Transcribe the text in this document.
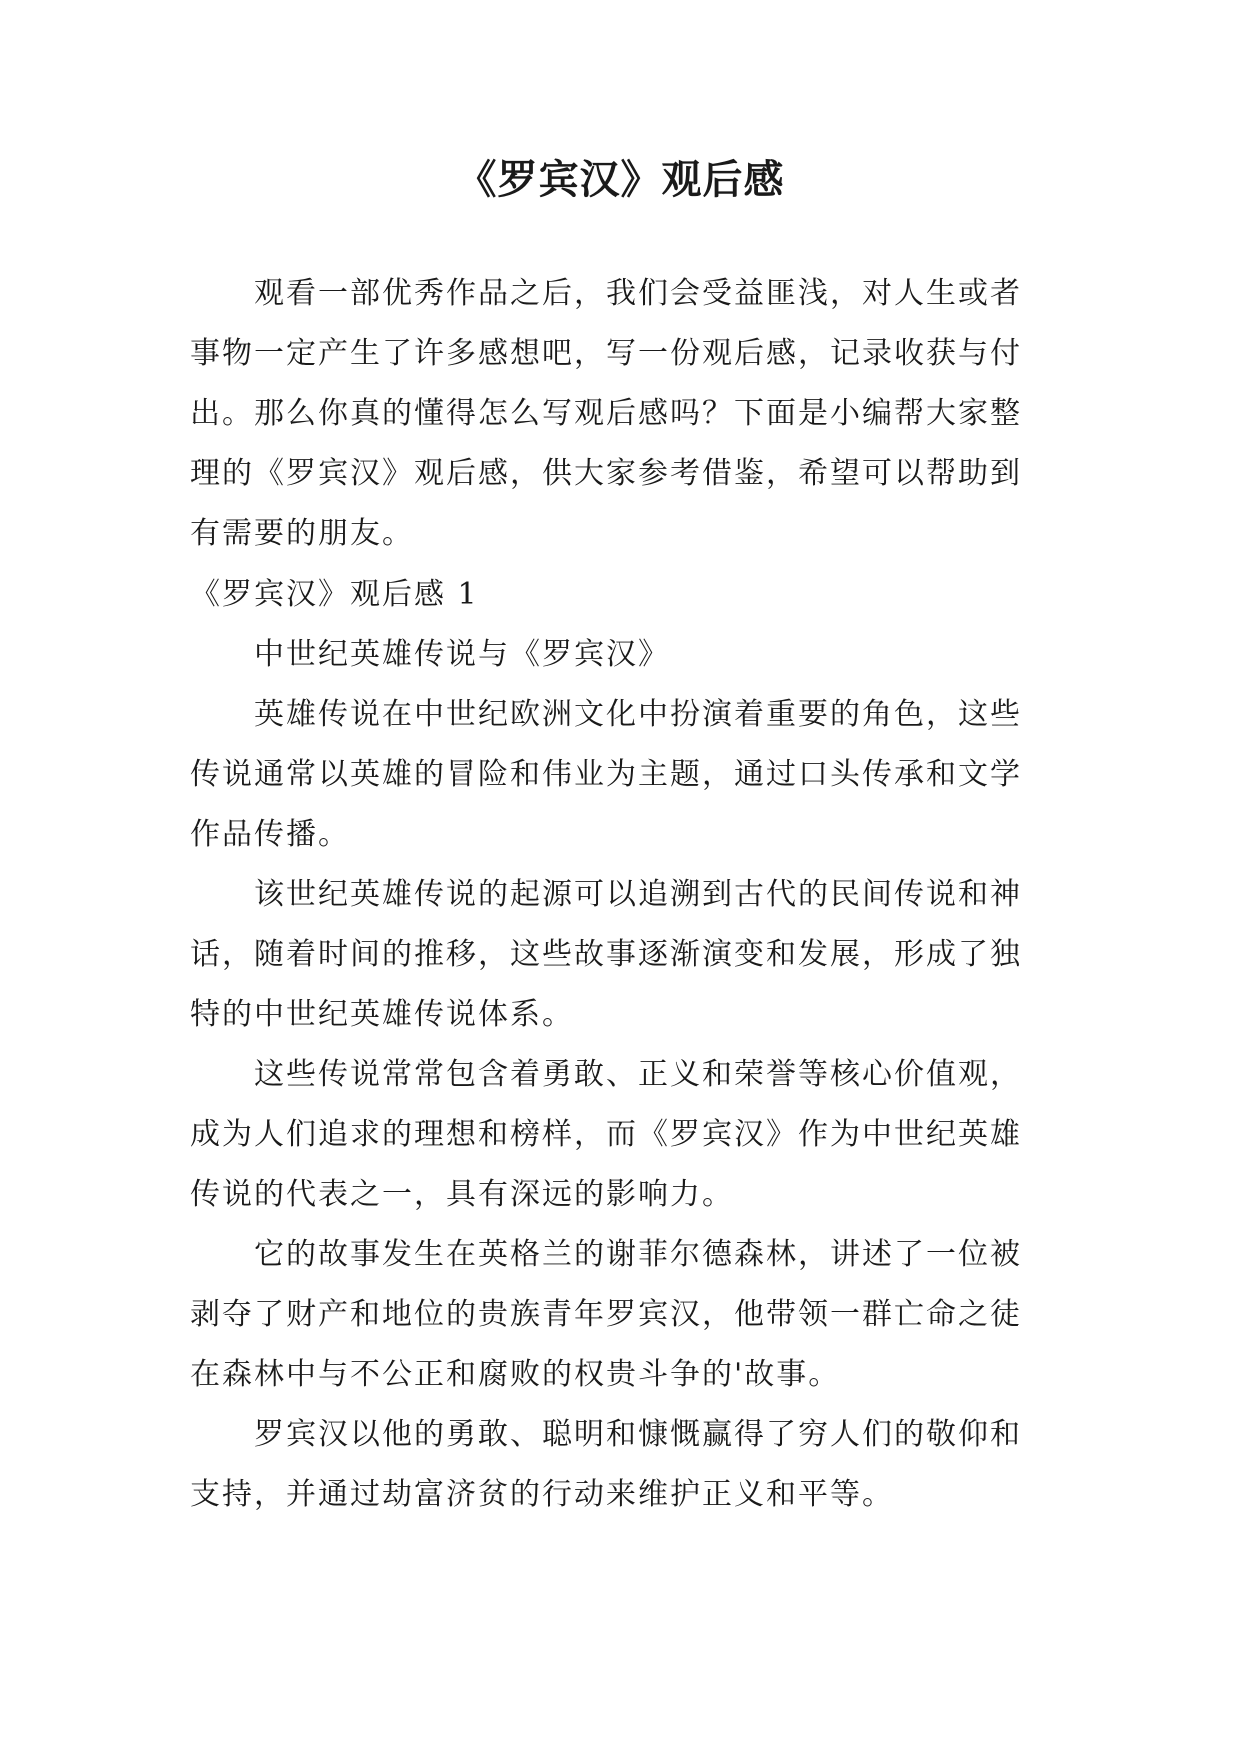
《罗宾汉》观后感

观看一部优秀作品之后，我们会受益匪浅，对人生或者事物一定产生了许多感想吧，写一份观后感，记录收获与付出。那么你真的懂得怎么写观后感吗？下面是小编帮大家整理的《罗宾汉》观后感，供大家参考借鉴，希望可以帮助到有需要的朋友。

《罗宾汉》观后感 1

中世纪英雄传说与《罗宾汉》

英雄传说在中世纪欧洲文化中扮演着重要的角色，这些传说通常以英雄的冒险和伟业为主题，通过口头传承和文学作品传播。

该世纪英雄传说的起源可以追溯到古代的民间传说和神话，随着时间的推移，这些故事逐渐演变和发展，形成了独特的中世纪英雄传说体系。

这些传说常常包含着勇敢、正义和荣誉等核心价值观，成为人们追求的理想和榜样，而《罗宾汉》作为中世纪英雄传说的代表之一，具有深远的影响力。

它的故事发生在英格兰的谢菲尔德森林，讲述了一位被剥夺了财产和地位的贵族青年罗宾汉，他带领一群亡命之徒在森林中与不公正和腐败的权贵斗争的'故事。

罗宾汉以他的勇敢、聪明和慷慨赢得了穷人们的敬仰和支持，并通过劫富济贫的行动来维护正义和平等。
